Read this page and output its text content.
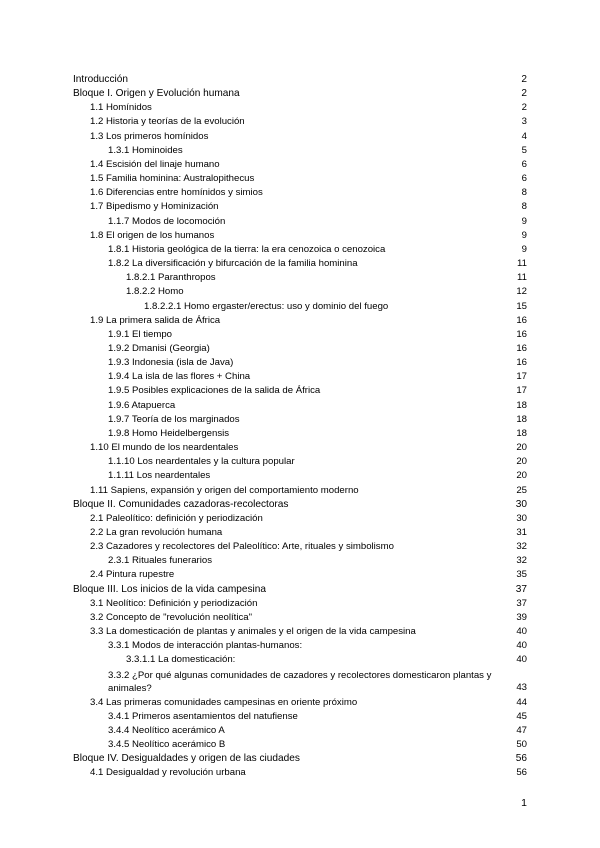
Introducción	2
Bloque I. Origen y Evolución humana	2
1.1 Homínidos	2
1.2 Historia y teorías de la evolución	3
1.3 Los primeros homínidos	4
1.3.1 Hominoides	5
1.4 Escisión del linaje humano	6
1.5 Familia hominina: Australopithecus	6
1.6 Diferencias entre homínidos y simios	8
1.7 Bipedismo y Hominización	8
1.1.7 Modos de locomoción	9
1.8 El origen de los humanos	9
1.8.1 Historia geológica de la tierra: la era cenozoica o cenozoica	9
1.8.2 La diversificación y bifurcación de la familia hominina	11
1.8.2.1 Paranthropos	11
1.8.2.2 Homo	12
1.8.2.2.1 Homo ergaster/erectus: uso y dominio del fuego	15
1.9 La primera salida de África	16
1.9.1 El tiempo	16
1.9.2 Dmanisi (Georgia)	16
1.9.3 Indonesia (isla de Java)	16
1.9.4 La isla de las flores + China	17
1.9.5 Posibles explicaciones de la salida de África	17
1.9.6 Atapuerca	18
1.9.7 Teoría de los marginados	18
1.9.8 Homo Heidelbergensis	18
1.10 El mundo de los neardentales	20
1.1.10 Los neardentales y la cultura popular	20
1.1.11 Los neardentales	20
1.11 Sapiens, expansión y origen del comportamiento moderno	25
Bloque II. Comunidades cazadoras-recolectoras	30
2.1 Paleolítico: definición y periodización	30
2.2 La gran revolución humana	31
2.3 Cazadores y recolectores del Paleolítico: Arte, rituales y simbolismo	32
2.3.1 Rituales funerarios	32
2.4 Pintura rupestre	35
Bloque III. Los inicios de la vida campesina	37
3.1 Neolítico: Definición y periodización	37
3.2 Concepto de "revolución neolítica"	39
3.3 La domesticación de plantas y animales y el origen de la vida campesina	40
3.3.1 Modos de interacción plantas-humanos:	40
3.3.1.1 La domesticación:	40
3.3.2 ¿Por qué algunas comunidades de cazadores y recolectores domesticaron plantas y animales?	43
3.4 Las primeras comunidades campesinas en oriente próximo	44
3.4.1 Primeros asentamientos del natufiense	45
3.4.4 Neolítico acerámico A	47
3.4.5 Neolítico acerámico B	50
Bloque IV. Desigualdades y origen de las ciudades	56
4.1 Desigualdad y revolución urbana	56
1
